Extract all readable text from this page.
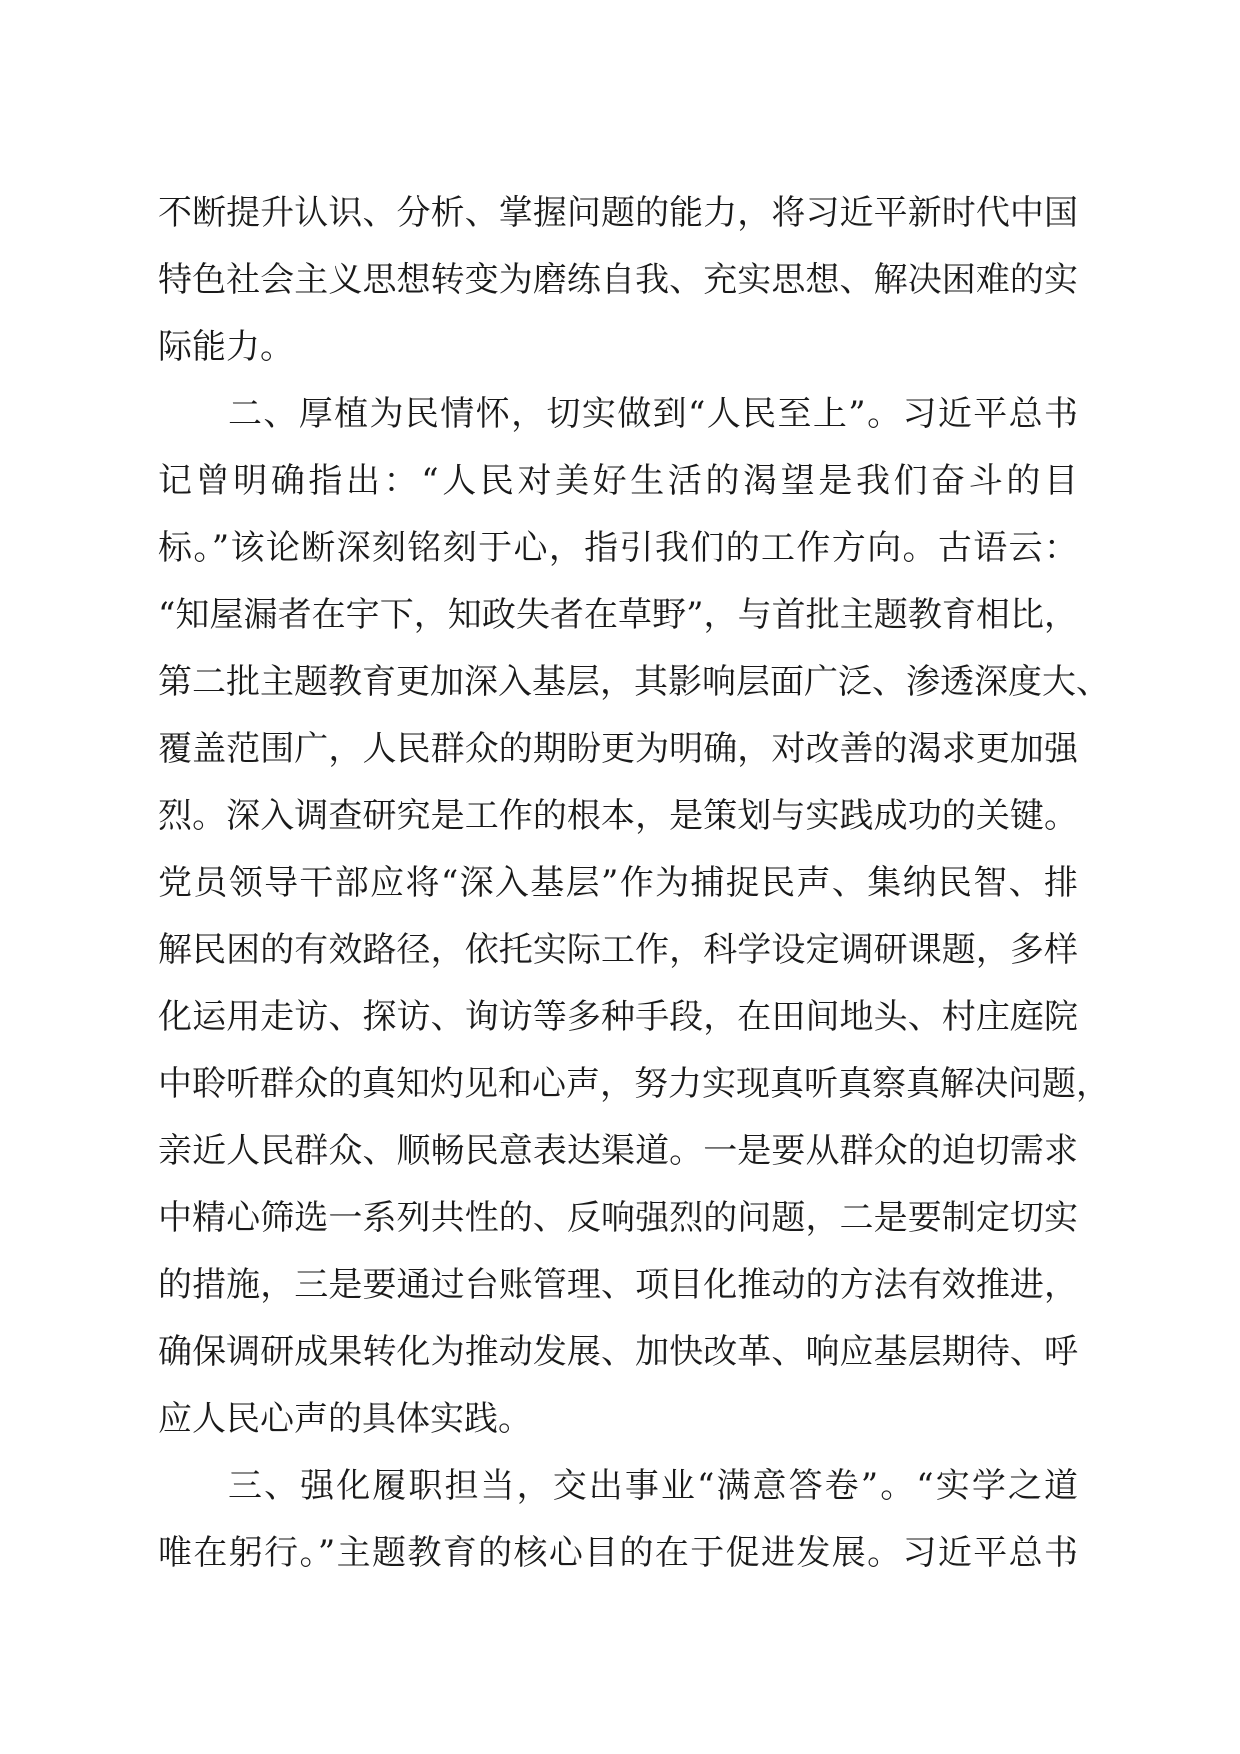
不断提升认识、分析、掌握问题的能力，将习近平新时代中国
特色社会主义思想转变为磨练自我、充实思想、解决困难的实
际能力。
二、厚植为民情怀，切实做到“人民至上”。习近平总书
记曾明确指出：“人民对美好生活的渴望是我们奋斗的目
标。”该论断深刻铭刻于心，指引我们的工作方向。古语云：
“知屋漏者在宇下，知政失者在草野”，与首批主题教育相比，
第二批主题教育更加深入基层，其影响层面广泛、渗透深度大、
覆盖范围广，人民群众的期盼更为明确，对改善的渴求更加强
烈。深入调查研究是工作的根本，是策划与实践成功的关键。
党员领导干部应将“深入基层”作为捕捉民声、集纳民智、排
解民困的有效路径，依托实际工作，科学设定调研课题，多样
化运用走访、探访、询访等多种手段，在田间地头、村庄庭院
中聆听群众的真知灼见和心声，努力实现真听真察真解决问题，
亲近人民群众、顺畅民意表达渠道。一是要从群众的迫切需求
中精心筛选一系列共性的、反响强烈的问题，二是要制定切实
的措施，三是要通过台账管理、项目化推动的方法有效推进，
确保调研成果转化为推动发展、加快改革、响应基层期待、呼
应人民心声的具体实践。
三、强化履职担当，交出事业“满意答卷”。“实学之道
唯在躬行。”主题教育的核心目的在于促进发展。习近平总书
